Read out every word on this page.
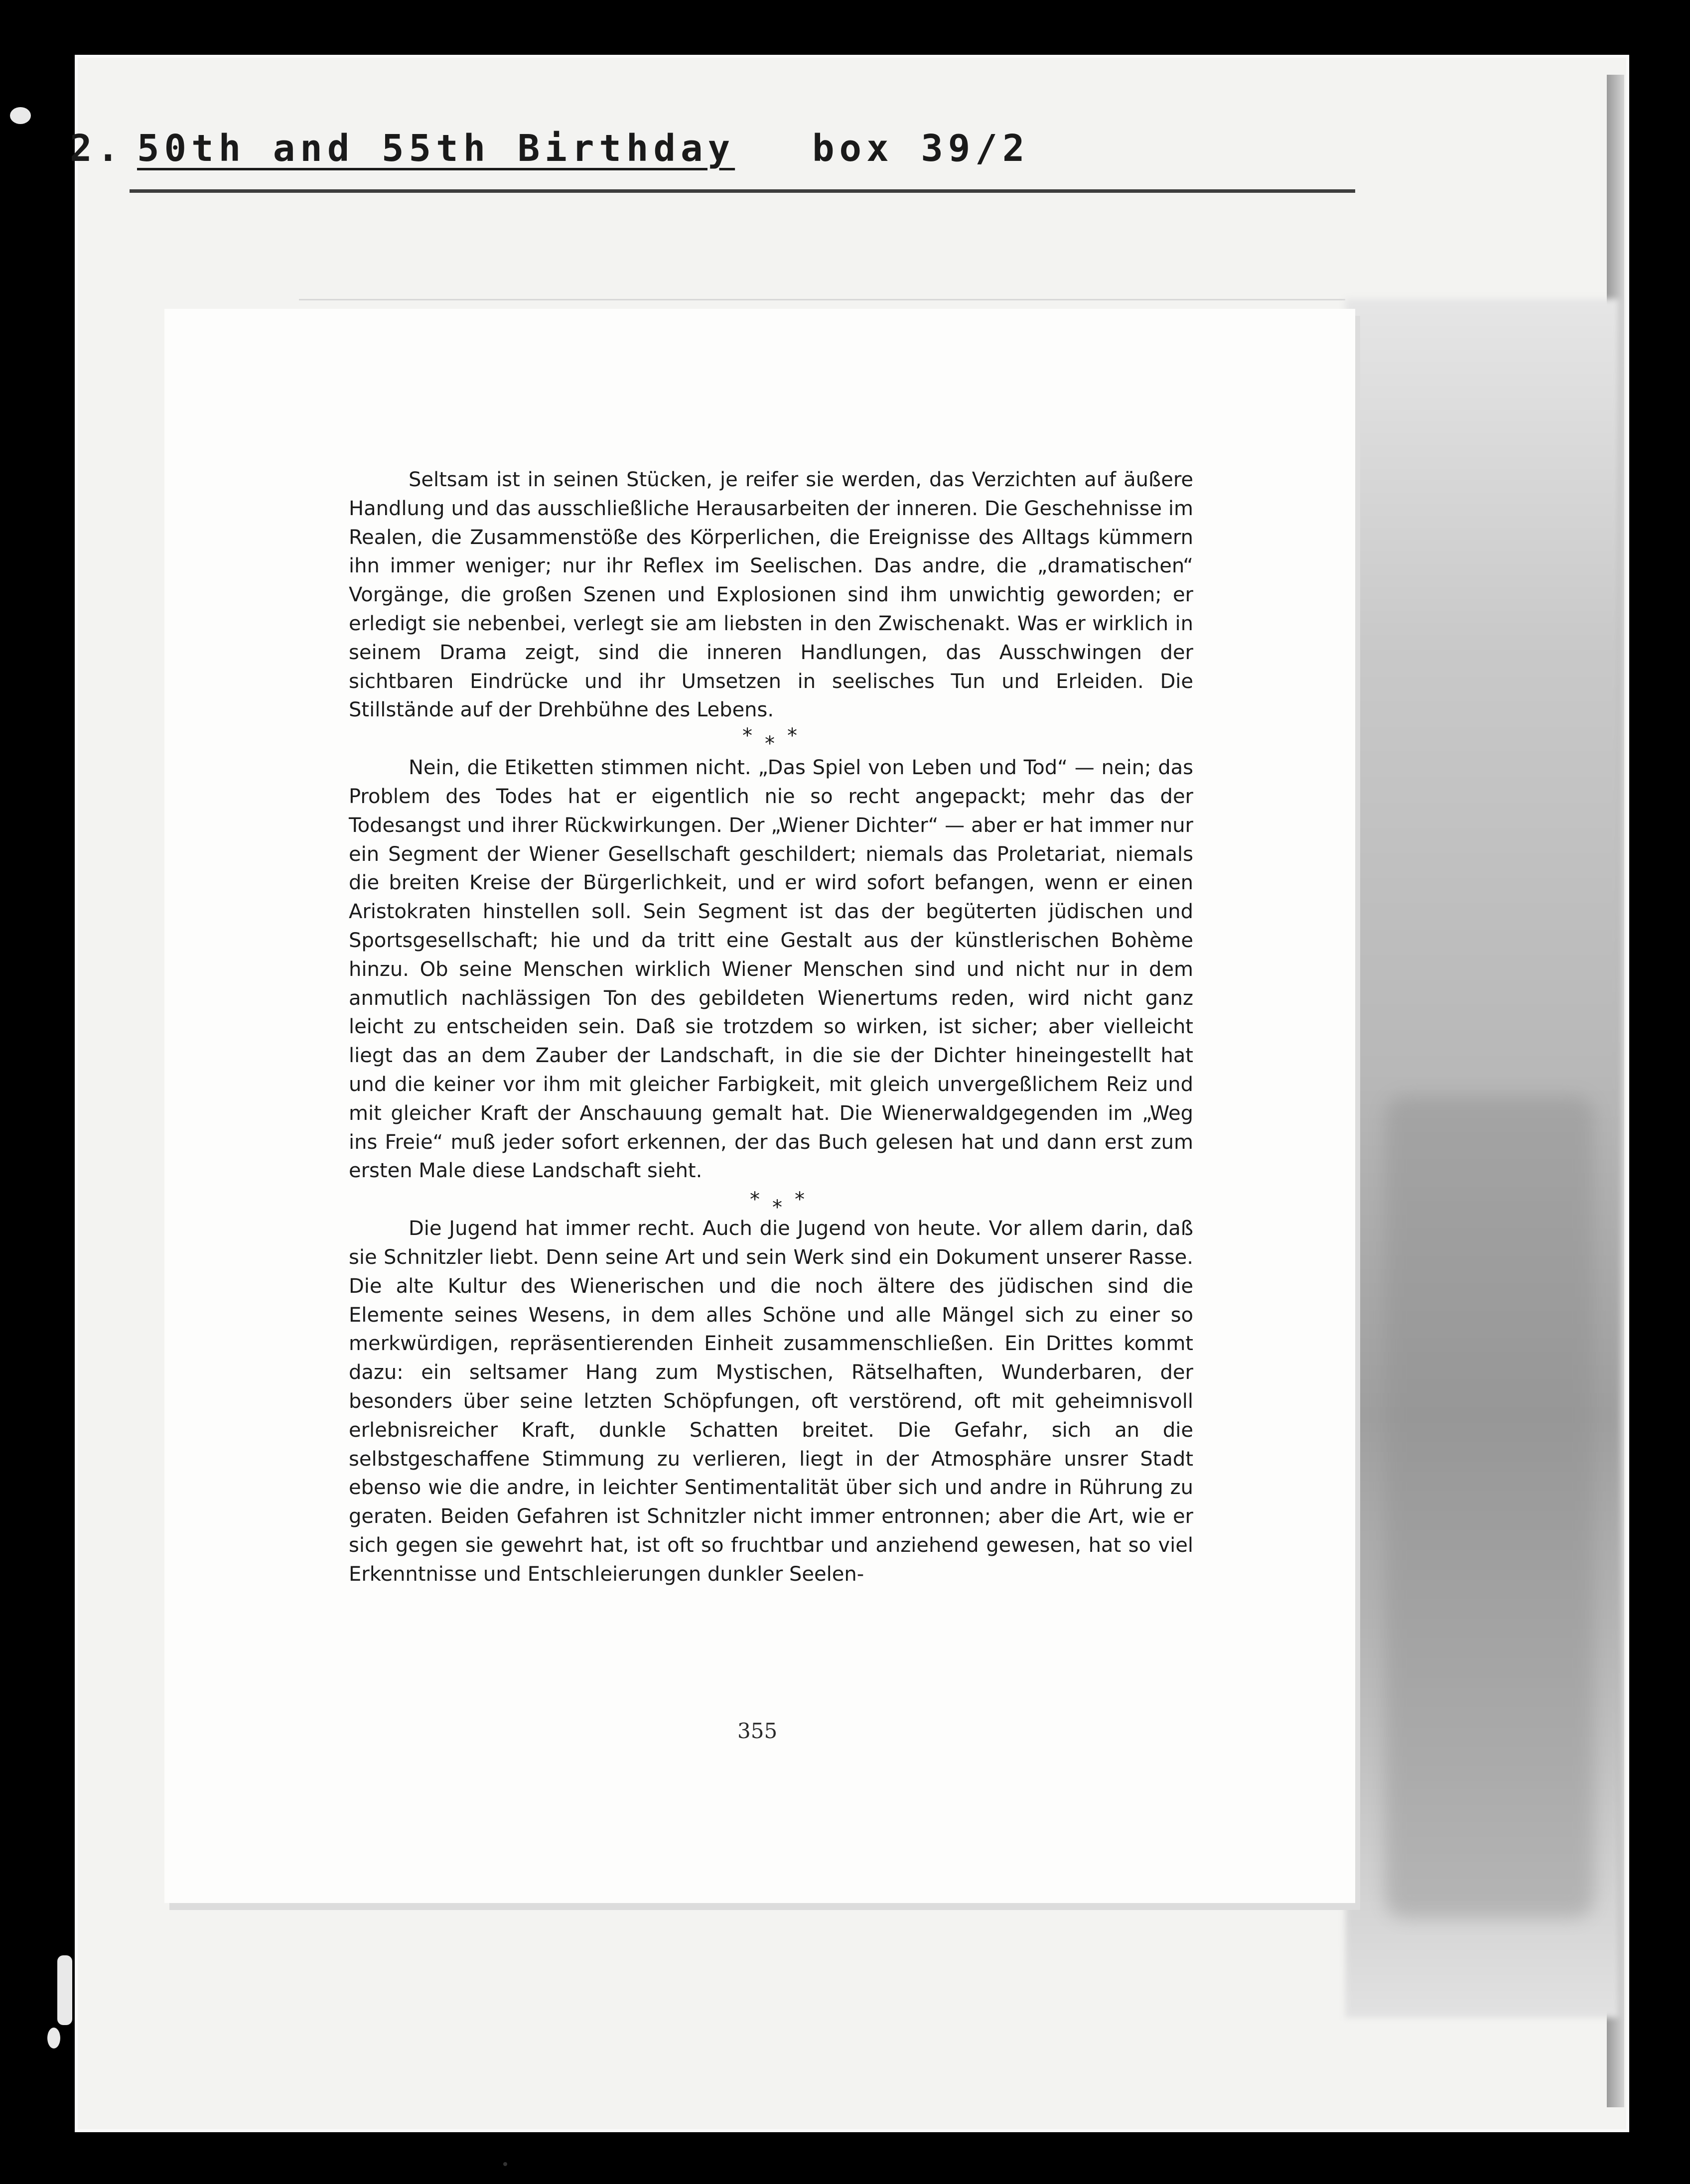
2. 50th and 55th Birthday box 39/2

Seltsam ist in seinen Stücken, je reifer sie werden, das Verzichten auf äußere Handlung und das ausschließliche Herausarbeiten der inneren. Die Geschehnisse im Realen, die Zusammenstöße des Körperlichen, die Ereignisse des Alltags kümmern ihn immer weniger; nur ihr Reflex im Seelischen. Das andre, die „dramatischen“ Vorgänge, die großen Szenen und Explosionen sind ihm unwichtig geworden; er erledigt sie nebenbei, verlegt sie am liebsten in den Zwischenakt. Was er wirklich in seinem Drama zeigt, sind die inneren Handlungen, das Ausschwingen der sichtbaren Eindrücke und ihr Umsetzen in seelisches Tun und Erleiden. Die Stillstände auf der Drehbühne des Lebens.

* * *

Nein, die Etiketten stimmen nicht. „Das Spiel von Leben und Tod“ — nein; das Problem des Todes hat er eigentlich nie so recht angepackt; mehr das der Todesangst und ihrer Rückwirkungen. Der „Wiener Dichter“ — aber er hat immer nur ein Segment der Wiener Gesellschaft geschildert; niemals das Proletariat, niemals die breiten Kreise der Bürgerlichkeit, und er wird sofort befangen, wenn er einen Aristokraten hinstellen soll. Sein Segment ist das der begüterten jüdischen und Sportsgesellschaft; hie und da tritt eine Gestalt aus der künstlerischen Bohème hinzu. Ob seine Menschen wirklich Wiener Menschen sind und nicht nur in dem anmutlich nachlässigen Ton des gebildeten Wienertums reden, wird nicht ganz leicht zu entscheiden sein. Daß sie trotzdem so wirken, ist sicher; aber vielleicht liegt das an dem Zauber der Landschaft, in die sie der Dichter hineingestellt hat und die keiner vor ihm mit gleicher Farbigkeit, mit gleich unvergeßlichem Reiz und mit gleicher Kraft der Anschauung gemalt hat. Die Wienerwaldgegenden im „Weg ins Freie“ muß jeder sofort erkennen, der das Buch gelesen hat und dann erst zum ersten Male diese Landschaft sieht.

* * *

Die Jugend hat immer recht. Auch die Jugend von heute. Vor allem darin, daß sie Schnitzler liebt. Denn seine Art und sein Werk sind ein Dokument unserer Rasse. Die alte Kultur des Wienerischen und die noch ältere des jüdischen sind die Elemente seines Wesens, in dem alles Schöne und alle Mängel sich zu einer so merkwürdigen, repräsentierenden Einheit zusammenschließen. Ein Drittes kommt dazu: ein seltsamer Hang zum Mystischen, Rätselhaften, Wunderbaren, der besonders über seine letzten Schöpfungen, oft verstörend, oft mit geheimnisvoll erlebnisreicher Kraft, dunkle Schatten breitet. Die Gefahr, sich an die selbstgeschaffene Stimmung zu verlieren, liegt in der Atmosphäre unsrer Stadt ebenso wie die andre, in leichter Sentimentalität über sich und andre in Rührung zu geraten. Beiden Gefahren ist Schnitzler nicht immer entronnen; aber die Art, wie er sich gegen sie gewehrt hat, ist oft so fruchtbar und anziehend gewesen, hat so viel Erkenntnisse und Entschleierungen dunkler Seelen-

355
